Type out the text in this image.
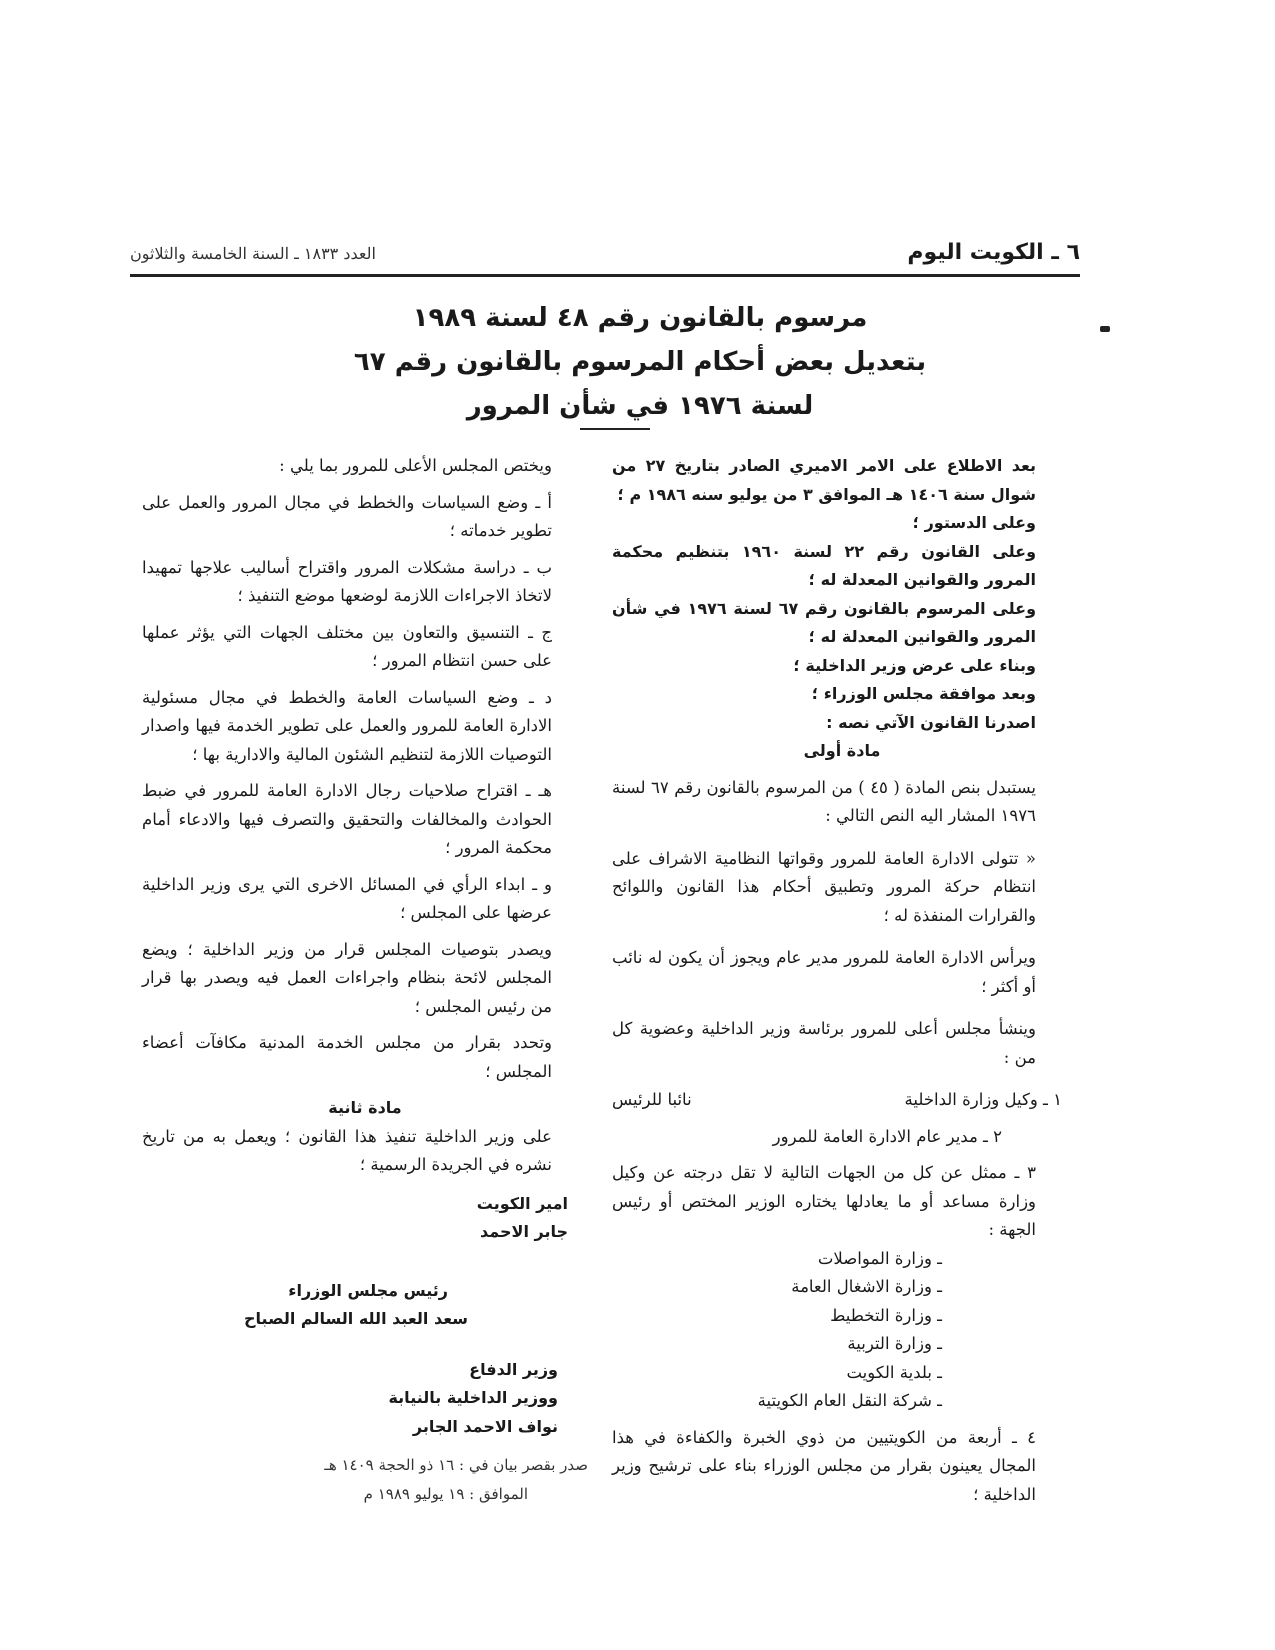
٦ ـ الكويت اليوم
العدد ١٨٣٣ ـ السنة الخامسة والثلاثون
مرسوم بالقانون رقم ٤٨ لسنة ١٩٨٩
بتعديل بعض أحكام المرسوم بالقانون رقم ٦٧
لسنة ١٩٧٦ في شأن المرور

بعد الاطلاع على الامر الاميري الصادر بتاريخ ٢٧ من شوال سنة ١٤٠٦ هـ الموافق ٣ من يوليو سنه ١٩٨٦ م ؛

وعلى الدستور ؛

وعلى القانون رقم ٢٢ لسنة ١٩٦٠ بتنظيم محكمة المرور والقوانين المعدلة له ؛

وعلى المرسوم بالقانون رقم ٦٧ لسنة ١٩٧٦ في شأن المرور والقوانين المعدلة له ؛

وبناء على عرض وزير الداخلية ؛

وبعد موافقة مجلس الوزراء ؛

اصدرنا القانون الآتي نصه :

مادة أولى

يستبدل بنص المادة ( ٤٥ ) من المرسوم بالقانون رقم ٦٧ لسنة ١٩٧٦ المشار اليه النص التالي :

« تتولى الادارة العامة للمرور وقواتها النظامية الاشراف على انتظام حركة المرور وتطبيق أحكام هذا القانون واللوائح والقرارات المنفذة له ؛

ويرأس الادارة العامة للمرور مدير عام ويجوز أن يكون له نائب أو أكثر ؛

وينشأ مجلس أعلى للمرور برئاسة وزير الداخلية وعضوية كل من :

١ ـ وكيل وزارة الداخلية
نائبا للرئيس

٢ ـ مدير عام الادارة العامة للمرور

٣ ـ ممثل عن كل من الجهات التالية لا تقل درجته عن وكيل وزارة مساعد أو ما يعادلها يختاره الوزير المختص أو رئيس الجهة :

ـ وزارة المواصلات

ـ وزارة الاشغال العامة

ـ وزارة التخطيط

ـ وزارة التربية

ـ بلدية الكويت

ـ شركة النقل العام الكويتية

٤ ـ أربعة من الكويتيين من ذوي الخبرة والكفاءة في هذا المجال يعينون بقرار من مجلس الوزراء بناء على ترشيح وزير الداخلية ؛

ويختص المجلس الأعلى للمرور بما يلي :

أ ـ وضع السياسات والخطط في مجال المرور والعمل على تطوير خدماته ؛

ب ـ دراسة مشكلات المرور واقتراح أساليب علاجها تمهيدا لاتخاذ الاجراءات اللازمة لوضعها موضع التنفيذ ؛

ج ـ التنسيق والتعاون بين مختلف الجهات التي يؤثر عملها على حسن انتظام المرور ؛

د ـ وضع السياسات العامة والخطط في مجال مسئولية الادارة العامة للمرور والعمل على تطوير الخدمة فيها واصدار التوصيات اللازمة لتنظيم الشئون المالية والادارية بها ؛

هـ ـ اقتراح صلاحيات رجال الادارة العامة للمرور في ضبط الحوادث والمخالفات والتحقيق والتصرف فيها والادعاء أمام محكمة المرور ؛

و ـ ابداء الرأي في المسائل الاخرى التي يرى وزير الداخلية عرضها على المجلس ؛

ويصدر بتوصيات المجلس قرار من وزير الداخلية ؛ ويضع المجلس لائحة بنظام واجراءات العمل فيه ويصدر بها قرار من رئيس المجلس ؛

وتحدد بقرار من مجلس الخدمة المدنية مكافآت أعضاء المجلس ؛

مادة ثانية

على وزير الداخلية تنفيذ هذا القانون ؛ ويعمل به من تاريخ نشره في الجريدة الرسمية ؛

امير الكويت

جابر الاحمد

رئيس مجلس الوزراء

سعد العبد الله السالم الصباح

وزير الدفاع

ووزير الداخلية بالنيابة

نواف الاحمد الجابر

صدر بقصر بيان في : ١٦ ذو الحجة ١٤٠٩ هـ

الموافق : ١٩ يوليو ١٩٨٩ م
